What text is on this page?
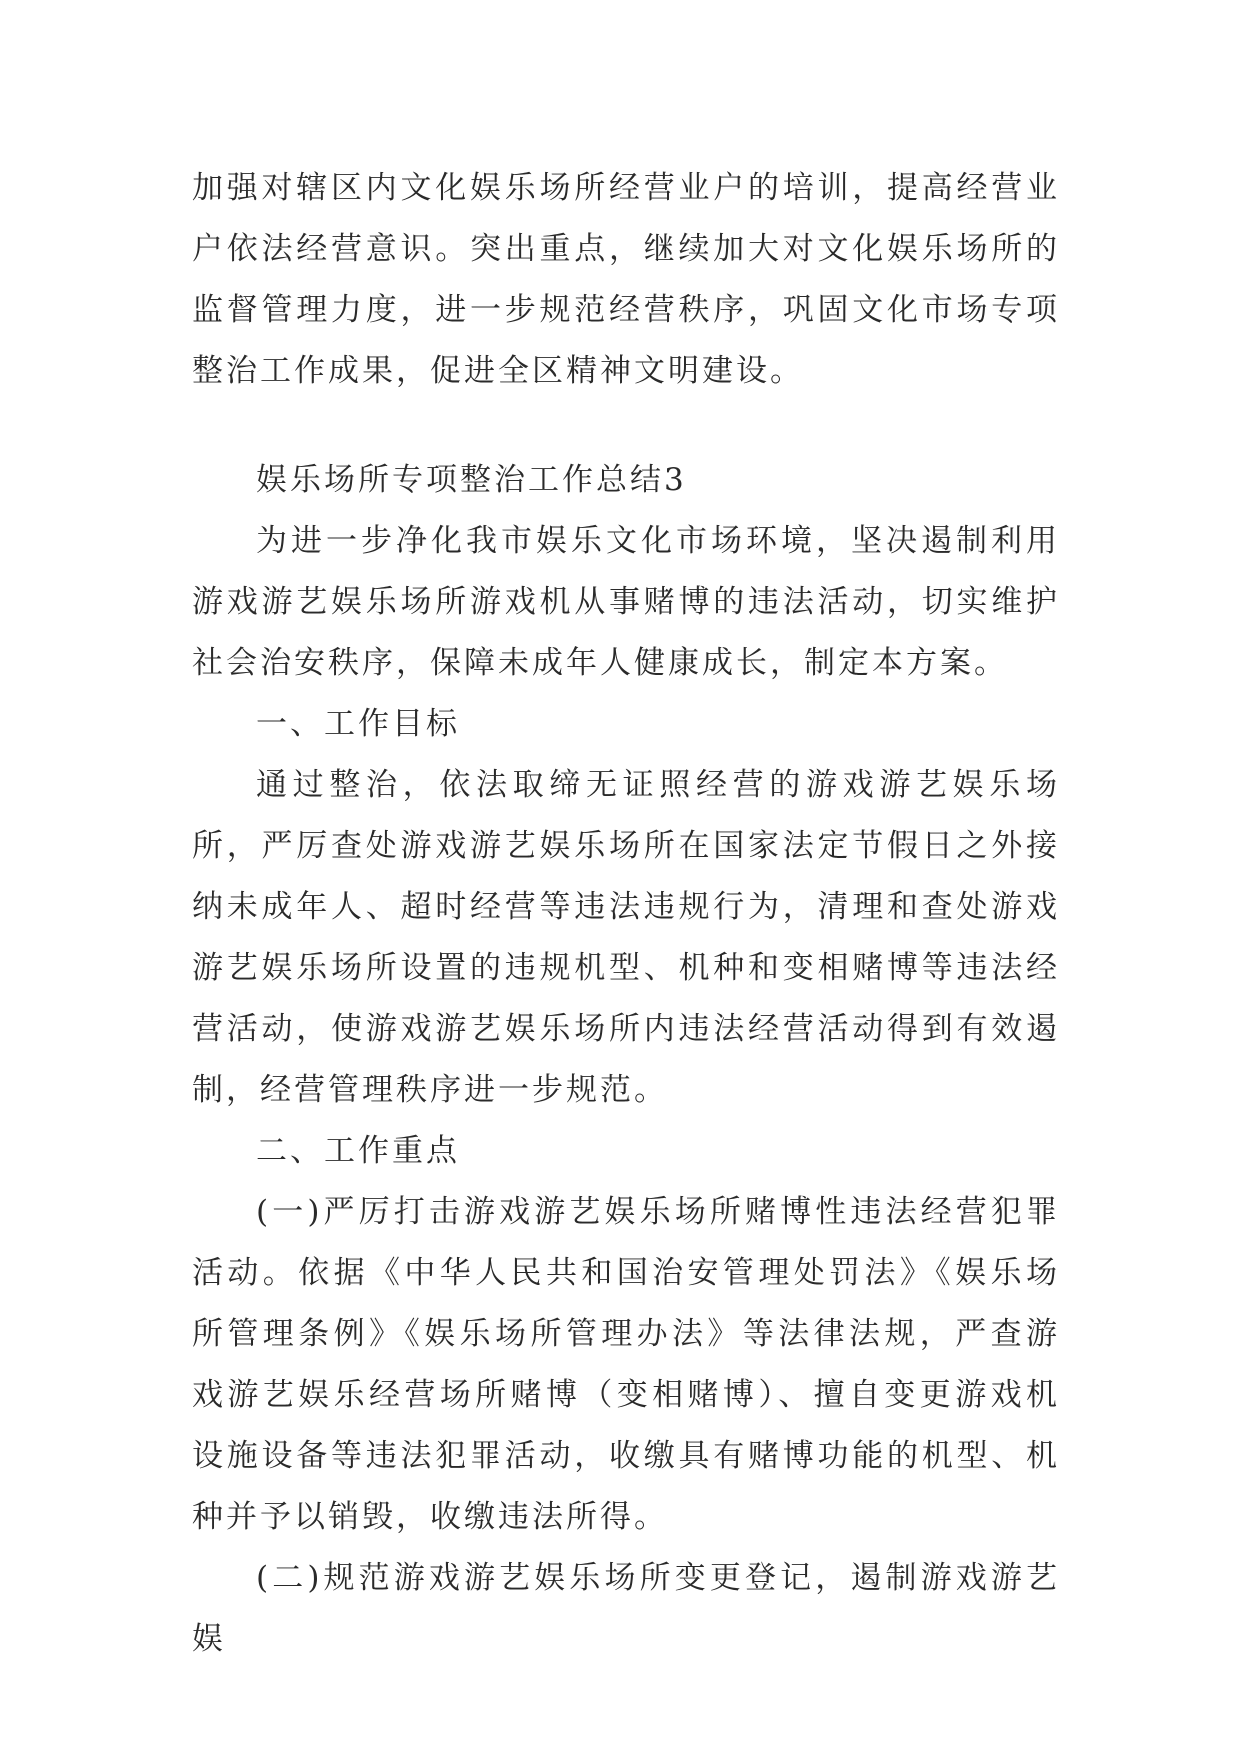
加强对辖区内文化娱乐场所经营业户的培训，提高经营业户依法经营意识。突出重点，继续加大对文化娱乐场所的监督管理力度，进一步规范经营秩序，巩固文化市场专项整治工作成果，促进全区精神文明建设。

娱乐场所专项整治工作总结3

为进一步净化我市娱乐文化市场环境，坚决遏制利用游戏游艺娱乐场所游戏机从事赌博的违法活动，切实维护社会治安秩序，保障未成年人健康成长，制定本方案。

一、工作目标

通过整治，依法取缔无证照经营的游戏游艺娱乐场所，严厉查处游戏游艺娱乐场所在国家法定节假日之外接纳未成年人、超时经营等违法违规行为，清理和查处游戏游艺娱乐场所设置的违规机型、机种和变相赌博等违法经营活动，使游戏游艺娱乐场所内违法经营活动得到有效遏制，经营管理秩序进一步规范。

二、工作重点

(一)严厉打击游戏游艺娱乐场所赌博性违法经营犯罪活动。依据《中华人民共和国治安管理处罚法》《娱乐场所管理条例》《娱乐场所管理办法》等法律法规，严查游戏游艺娱乐经营场所赌博（变相赌博）、擅自变更游戏机设施设备等违法犯罪活动，收缴具有赌博功能的机型、机种并予以销毁，收缴违法所得。

(二)规范游戏游艺娱乐场所变更登记，遏制游戏游艺娱
